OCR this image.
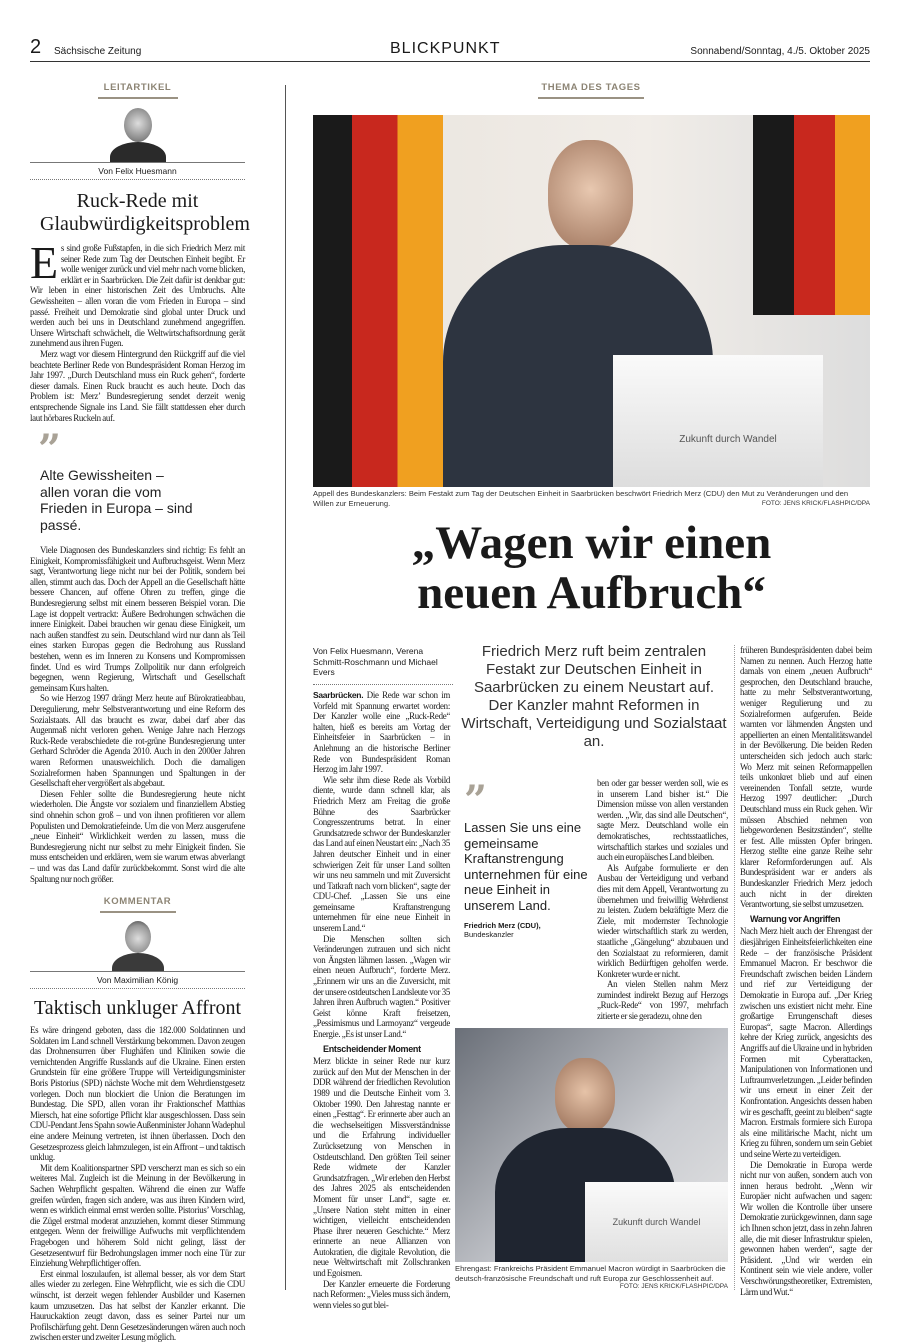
2 Sächsische Zeitung	BLICKPUNKT	Sonnabend/Sonntag, 4./5. Oktober 2025
LEITARTIKEL
Von Felix Huesmann
Ruck-Rede mit Glaubwürdigkeitsproblem

Es sind große Fußstapfen, in die sich Friedrich Merz mit seiner Rede zum Tag der Deutschen Einheit begibt. Er wolle weniger zurück und viel mehr nach vorne blicken, erklärt er in Saarbrücken. Die Zeit dafür ist denkbar gut: Wir leben in einer historischen Zeit des Umbruchs. Alte Gewissheiten – allen voran die vom Frieden in Europa – sind passé. Freiheit und Demokratie sind global unter Druck und werden auch bei uns in Deutschland zunehmend angegriffen. Unsere Wirtschaft schwächelt, die Weltwirtschaftsordnung gerät zunehmend aus ihren Fugen.

Merz wagt vor diesem Hintergrund den Rückgriff auf die viel beachtete Berliner Rede von Bundespräsident Roman Herzog im Jahr 1997. „Durch Deutschland muss ein Ruck gehen“, forderte dieser damals. Einen Ruck braucht es auch heute. Doch das Problem ist: Merz’ Bundesregierung sendet derzeit wenig entsprechende Signale ins Land. Sie fällt stattdessen eher durch laut hörbares Ruckeln auf.

”
Alte Gewissheiten – allen voran die vom Frieden in Europa – sind passé.

Viele Diagnosen des Bundeskanzlers sind richtig: Es fehlt an Einigkeit, Kompromissfähigkeit und Aufbruchsgeist. Wenn Merz sagt, Verantwortung liege nicht nur bei der Politik, sondern bei allen, stimmt auch das. Doch der Appell an die Gesellschaft hätte bessere Chancen, auf offene Ohren zu treffen, ginge die Bundesregierung selbst mit einem besseren Beispiel voran. Die Lage ist doppelt vertrackt: Äußere Bedrohungen schwächen die innere Einigkeit. Dabei brauchen wir genau diese Einigkeit, um nach außen standfest zu sein. Deutschland wird nur dann als Teil eines starken Europas gegen die Bedrohung aus Russland bestehen, wenn es im Inneren zu Konsens und Kompromissen findet. Und es wird Trumps Zollpolitik nur dann erfolgreich begegnen, wenn Regierung, Wirtschaft und Gesellschaft gemeinsam Kurs halten.

So wie Herzog 1997 drängt Merz heute auf Bürokratieabbau, Deregulierung, mehr Selbstverantwortung und eine Reform des Sozialstaats. All das braucht es zwar, dabei darf aber das Augenmaß nicht verloren gehen. Wenige Jahre nach Herzogs Ruck-Rede verabschiedete die rot-grüne Bundesregierung unter Gerhard Schröder die Agenda 2010. Auch in den 2000er Jahren waren Reformen unausweichlich. Doch die damaligen Sozialreformen haben Spannungen und Spaltungen in der Gesellschaft eher vergrößert als abgebaut.

Diesen Fehler sollte die Bundesregierung heute nicht wiederholen. Die Ängste vor sozialem und finanziellem Abstieg sind ohnehin schon groß – und von ihnen profitieren vor allem Populisten und Demokratiefeinde. Um die von Merz ausgerufene „neue Einheit“ Wirklichkeit werden zu lassen, muss die Bundesregierung nicht nur selbst zu mehr Einigkeit finden. Sie muss entscheiden und erklären, wem sie warum etwas abverlangt – und was das Land dafür zurückbekommt. Sonst wird die alte Spaltung nur noch größer.

KOMMENTAR
Von Maximilian König
Taktisch unkluger Affront

Es wäre dringend geboten, dass die 182.000 Soldatinnen und Soldaten im Land schnell Verstärkung bekommen. Davon zeugen das Drohnensurren über Flughäfen und Kliniken sowie die vernichtenden Angriffe Russlands auf die Ukraine. Einen ersten Grundstein für eine größere Truppe will Verteidigungsminister Boris Pistorius (SPD) nächste Woche mit dem Wehrdienstgesetz vorlegen. Doch nun blockiert die Union die Beratungen im Bundestag. Die SPD, allen voran ihr Fraktionschef Matthias Miersch, hat eine sofortige Pflicht klar ausgeschlossen. Dass sein CDU-Pendant Jens Spahn sowie Außenminister Johann Wadephul eine andere Meinung vertreten, ist ihnen überlassen. Doch den Gesetzesprozess gleich lahmzulegen, ist ein Affront – und taktisch unklug.

Mit dem Koalitionspartner SPD verscherzt man es sich so ein weiteres Mal. Zugleich ist die Meinung in der Bevölkerung in Sachen Wehrpflicht gespalten. Während die einen zur Waffe greifen würden, fragen sich andere, was aus ihren Kindern wird, wenn es wirklich einmal ernst werden sollte. Pistorius’ Vorschlag, die Zügel erstmal moderat anzuziehen, kommt dieser Stimmung entgegen. Wenn der freiwillige Aufwuchs mit verpflichtendem Fragebogen und höherem Sold nicht gelingt, lässt der Gesetzesentwurf für Bedrohungslagen immer noch eine Tür zur Einziehung Wehrpflichtiger offen.

Erst einmal loszulaufen, ist allemal besser, als vor dem Start alles wieder zu zerlegen. Eine Wehrpflicht, wie es sich die CDU wünscht, ist derzeit wegen fehlender Ausbilder und Kasernen kaum umzusetzen. Das hat selbst der Kanzler erkannt. Die Hauruckaktion zeugt davon, dass es seiner Partei nur um Profilschärfung geht. Denn Gesetzesänderungen wären auch noch zwischen erster und zweiter Lesung möglich.

THEMA DES TAGES
Zukunft durch Wandel
Appell des Bundeskanzlers: Beim Festakt zum Tag der Deutschen Einheit in Saarbrücken beschwört Friedrich Merz (CDU) den Mut zu Veränderungen und den Willen zur Erneuerung.	FOTO: JENS KRICK/FLASHPIC/DPA
„Wagen wir einen
neuen Aufbruch“
Von Felix Huesmann, Verena Schmitt-Roschmann und Michael Evers
Friedrich Merz ruft beim zentralen Festakt zur Deutschen Einheit in Saarbrücken zu einem Neustart auf. Der Kanzler mahnt Reformen in Wirtschaft, Verteidigung und Sozialstaat an.

Saarbrücken. Die Rede war schon im Vorfeld mit Spannung erwartet worden: Der Kanzler wolle eine „Ruck-Rede“ halten, hieß es bereits am Vortag der Einheitsfeier in Saarbrücken – in Anlehnung an die historische Berliner Rede von Bundespräsident Roman Herzog im Jahr 1997.

Wie sehr ihm diese Rede als Vorbild diente, wurde dann schnell klar, als Friedrich Merz am Freitag die große Bühne des Saarbrücker Congresszentrums betrat. In einer Grundsatzrede schwor der Bundeskanzler das Land auf einen Neustart ein: „Nach 35 Jahren deutscher Einheit und in einer schwierigen Zeit für unser Land sollten wir uns neu sammeln und mit Zuversicht und Tatkraft nach vorn blicken“, sagte der CDU-Chef. „Lassen Sie uns eine gemeinsame Kraftanstrengung unternehmen für eine neue Einheit in unserem Land.“

Die Menschen sollten sich Veränderungen zutrauen und sich nicht von Ängsten lähmen lassen. „Wagen wir einen neuen Aufbruch“, forderte Merz. „Erinnern wir uns an die Zuversicht, mit der unsere ostdeutschen Landsleute vor 35 Jahren ihren Aufbruch wagten.“ Positiver Geist könne Kraft freisetzen, „Pessimismus und Larmoyanz“ vergeude Energie. „Es ist unser Land.“

Entscheidender Moment

Merz blickte in seiner Rede nur kurz zurück auf den Mut der Menschen in der DDR während der friedlichen Revolution 1989 und die Deutsche Einheit vom 3. Oktober 1990. Den Jahrestag nannte er einen „Festtag“. Er erinnerte aber auch an die wechselseitigen Missverständnisse und die Erfahrung individueller Zurücksetzung von Menschen in Ostdeutschland. Den größten Teil seiner Rede widmete der Kanzler Grundsatzfragen. „Wir erleben den Herbst des Jahres 2025 als entscheidenden Moment für unser Land“, sagte er. „Unsere Nation steht mitten in einer wichtigen, vielleicht entscheidenden Phase ihrer neueren Geschichte.“ Merz erinnerte an neue Allianzen von Autokratien, die digitale Revolution, die neue Weltwirtschaft mit Zollschranken und Egoismen.

Der Kanzler erneuerte die Forderung nach Reformen: „Vieles muss sich ändern, wenn vieles so gut blei-

”
Lassen Sie uns eine gemeinsame Kraftanstrengung unternehmen für eine neue Einheit in unserem Land.
Friedrich Merz (CDU),
Bundeskanzler

ben oder gar besser werden soll, wie es in unserem Land bisher ist.“ Die Dimension müsse von allen verstanden werden. „Wir, das sind alle Deutschen“, sagte Merz. Deutschland wolle ein demokratisches, rechtsstaatliches, wirtschaftlich starkes und soziales und auch ein europäisches Land bleiben.

Als Aufgabe formulierte er den Ausbau der Verteidigung und verband dies mit dem Appell, Verantwortung zu übernehmen und freiwillig Wehrdienst zu leisten. Zudem bekräftigte Merz die Ziele, mit modernster Technologie wieder wirtschaftlich stark zu werden, staatliche „Gängelung“ abzubauen und den Sozialstaat zu reformieren, damit wirklich Bedürftigen geholfen werde. Konkreter wurde er nicht.

An vielen Stellen nahm Merz zumindest indirekt Bezug auf Herzogs „Ruck-Rede“ von 1997, mehrfach zitierte er sie geradezu, ohne den

Zukunft durch Wandel
Ehrengast: Frankreichs Präsident Emmanuel Macron würdigt in Saarbrücken die deutsch-französische Freundschaft und ruft Europa zur Geschlossenheit auf.
FOTO: JENS KRICK/FLASHPIC/DPA

früheren Bundespräsidenten dabei beim Namen zu nennen. Auch Herzog hatte damals von einem „neuen Aufbruch“ gesprochen, den Deutschland brauche, hatte zu mehr Selbstverantwortung, weniger Regulierung und zu Sozialreformen aufgerufen. Beide warnten vor lähmenden Ängsten und appellierten an einen Mentalitätswandel in der Bevölkerung. Die beiden Reden unterscheiden sich jedoch auch stark: Wo Merz mit seinen Reformappellen teils unkonkret blieb und auf einen vereinenden Tonfall setzte, wurde Herzog 1997 deutlicher: „Durch Deutschland muss ein Ruck gehen. Wir müssen Abschied nehmen von liebgewordenen Besitzständen“, stellte er fest. Alle müssten Opfer bringen. Herzog stellte eine ganze Reihe sehr klarer Reformforderungen auf. Als Bundespräsident war er anders als Bundeskanzler Friedrich Merz jedoch auch nicht in der direkten Verantwortung, sie selbst umzusetzen.

Warnung vor Angriffen

Nach Merz hielt auch der Ehrengast der diesjährigen Einheitsfeierlichkeiten eine Rede – der französische Präsident Emmanuel Macron. Er beschwor die Freundschaft zwischen beiden Ländern und rief zur Verteidigung der Demokratie in Europa auf. „Der Krieg zwischen uns existiert nicht mehr. Eine großartige Errungenschaft dieses Europas“, sagte Macron. Allerdings kehre der Krieg zurück, angesichts des Angriffs auf die Ukraine und in hybriden Formen mit Cyberattacken, Manipulationen von Informationen und Luftraumverletzungen. „Leider befinden wir uns erneut in einer Zeit der Konfrontation. Angesichts dessen haben wir es geschafft, geeint zu bleiben“ sagte Macron. Erstmals formiere sich Europa als eine militärische Macht, nicht um Krieg zu führen, sondern um sein Gebiet und seine Werte zu verteidigen.

Die Demokratie in Europa werde nicht nur von außen, sondern auch von innen heraus bedroht. „Wenn wir Europäer nicht aufwachen und sagen: Wir wollen die Kontrolle über unsere Demokratie zurückgewinnen, dann sage ich Ihnen schon jetzt, dass in zehn Jahren alle, die mit dieser Infrastruktur spielen, gewonnen haben werden“, sagte der Präsident. „Und wir werden ein Kontinent sein wie viele andere, voller Verschwörungstheoretiker, Extremisten, Lärm und Wut.“
